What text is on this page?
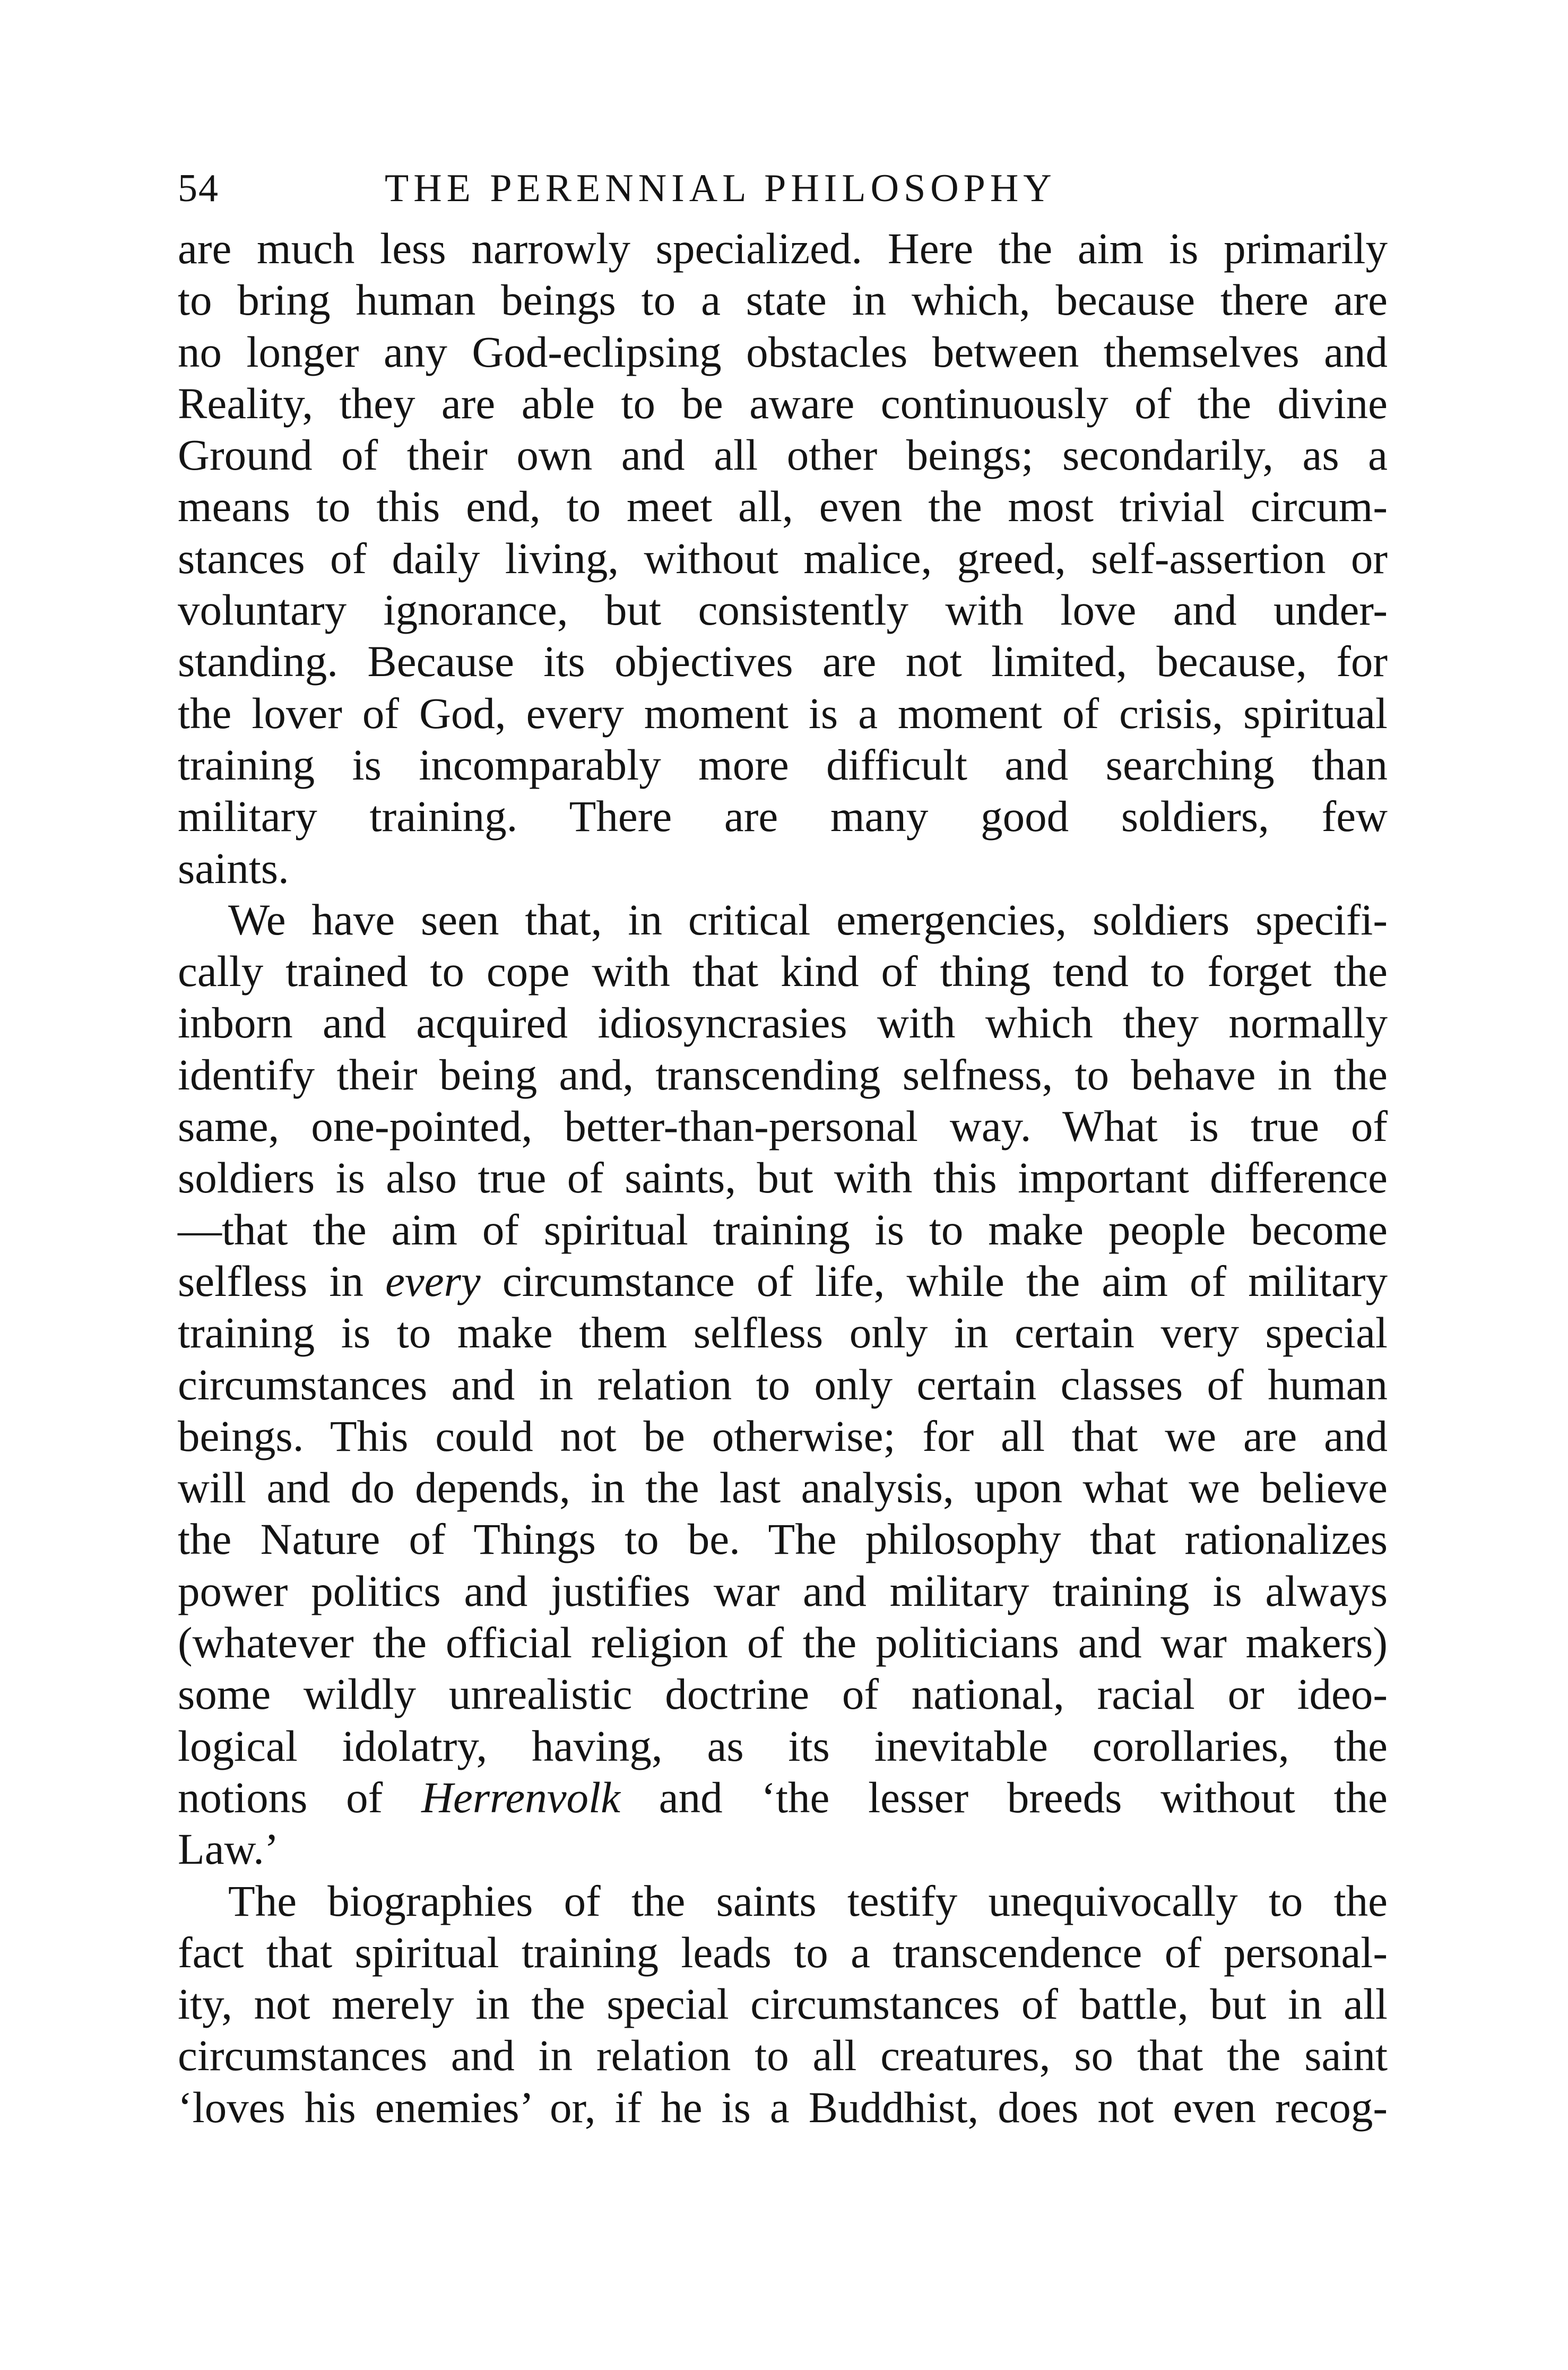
54	THE PERENNIAL PHILOSOPHY
are much less narrowly specialized. Here the aim is primarily
to bring human beings to a state in which, because there are
no longer any God-eclipsing obstacles between themselves and
Reality, they are able to be aware continuously of the divine
Ground of their own and all other beings; secondarily, as a
means to this end, to meet all, even the most trivial circum-
stances of daily living, without malice, greed, self-assertion or
voluntary ignorance, but consistently with love and under-
standing. Because its objectives are not limited, because, for
the lover of God, every moment is a moment of crisis, spiritual
training is incomparably more difficult and searching than
military training. There are many good soldiers, few
saints.
We have seen that, in critical emergencies, soldiers specifi-
cally trained to cope with that kind of thing tend to forget the
inborn and acquired idiosyncrasies with which they normally
identify their being and, transcending selfness, to behave in the
same, one-pointed, better-than-personal way. What is true of
soldiers is also true of saints, but with this important difference
—that the aim of spiritual training is to make people become
selfless in every circumstance of life, while the aim of military
training is to make them selfless only in certain very special
circumstances and in relation to only certain classes of human
beings. This could not be otherwise; for all that we are and
will and do depends, in the last analysis, upon what we believe
the Nature of Things to be. The philosophy that rationalizes
power politics and justifies war and military training is always
(whatever the official religion of the politicians and war makers)
some wildly unrealistic doctrine of national, racial or ideo-
logical idolatry, having, as its inevitable corollaries, the
notions of Herrenvolk and ‘the lesser breeds without the
Law.’
The biographies of the saints testify unequivocally to the
fact that spiritual training leads to a transcendence of personal-
ity, not merely in the special circumstances of battle, but in all
circumstances and in relation to all creatures, so that the saint
‘loves his enemies’ or, if he is a Buddhist, does not even recog-
